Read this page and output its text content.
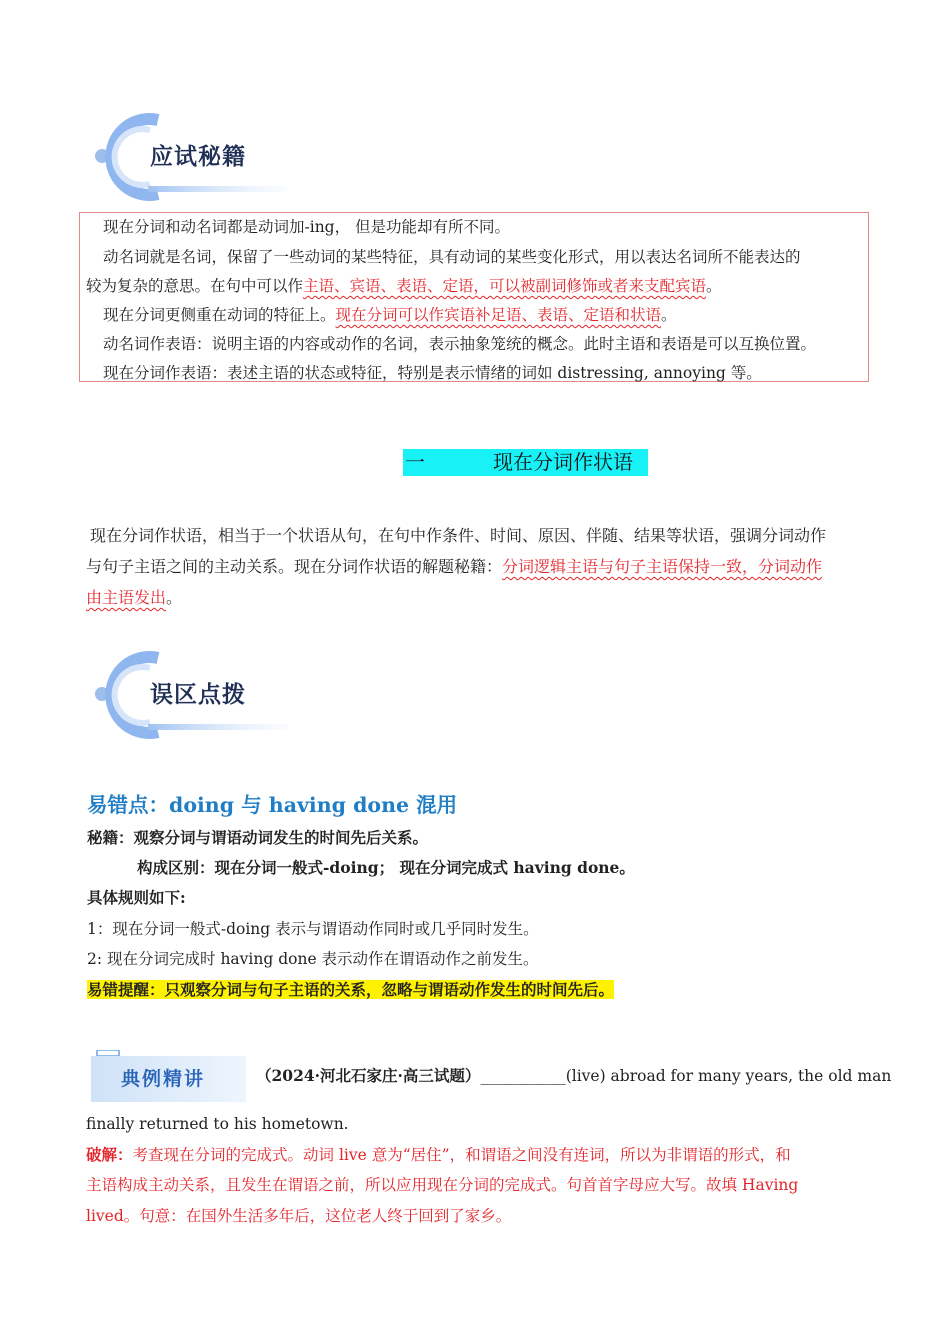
应试秘籍
现在分词和动名词都是动词加-ing， 但是功能却有所不同。
动名词就是名词，保留了一些动词的某些特征，具有动词的某些变化形式，用以表达名词所不能表达的
较为复杂的意思。在句中可以作主语、宾语、表语、定语，可以被副词修饰或者来支配宾语。
现在分词更侧重在动词的特征上。现在分词可以作宾语补足语、表语、定语和状语。
动名词作表语：说明主语的内容或动作的名词，表示抽象笼统的概念。此时主语和表语是可以互换位置。
现在分词作表语：表述主语的状态或特征，特别是表示情绪的词如 distressing, annoying 等。
一	现在分词作状语
现在分词作状语，相当于一个状语从句，在句中作条件、时间、原因、伴随、结果等状语，强调分词动作
与句子主语之间的主动关系。现在分词作状语的解题秘籍：分词逻辑主语与句子主语保持一致，分词动作
由主语发出。
误区点拨
易错点：doing 与 having done 混用
秘籍：观察分词与谓语动词发生的时间先后关系。
构成区别：现在分词一般式-doing； 现在分词完成式 having done。
具体规则如下:
1：现在分词一般式-doing 表示与谓语动作同时或几乎同时发生。
2: 现在分词完成时 having done 表示动作在谓语动作之前发生。
易错提醒：只观察分词与句子主语的关系，忽略与谓语动作发生的时间先后。
典例精讲	（2024·河北石家庄·高三试题）___________(live) abroad for many years, the old man
finally returned to his hometown.
破解：考查现在分词的完成式。动词 live 意为“居住”，和谓语之间没有连词，所以为非谓语的形式，和
主语构成主动关系，且发生在谓语之前，所以应用现在分词的完成式。句首首字母应大写。故填 Having
lived。句意：在国外生活多年后，这位老人终于回到了家乡。
